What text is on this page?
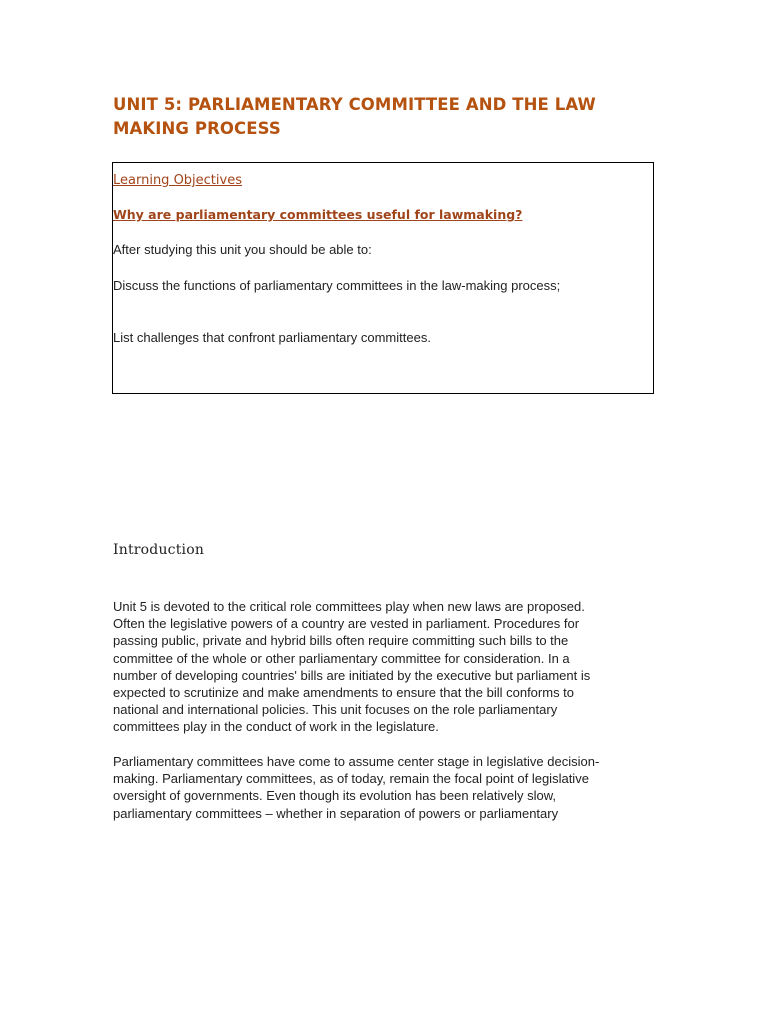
UNIT 5: PARLIAMENTARY COMMITTEE AND THE LAW
MAKING PROCESS

Learning Objectives

Why are parliamentary committees useful for lawmaking?

After studying this unit you should be able to:

Discuss the functions of parliamentary committees in the law-making process;

List challenges that confront parliamentary committees.

Introduction

Unit 5 is devoted to the critical role committees play when new laws are proposed.
Often the legislative powers of a country are vested in parliament. Procedures for
passing public, private and hybrid bills often require committing such bills to the
committee of the whole or other parliamentary committee for consideration. In a
number of developing countries' bills are initiated by the executive but parliament is
expected to scrutinize and make amendments to ensure that the bill conforms to
national and international policies. This unit focuses on the role parliamentary
committees play in the conduct of work in the legislature.

Parliamentary committees have come to assume center stage in legislative decision-
making. Parliamentary committees, as of today, remain the focal point of legislative
oversight of governments. Even though its evolution has been relatively slow,
parliamentary committees – whether in separation of powers or parliamentary
